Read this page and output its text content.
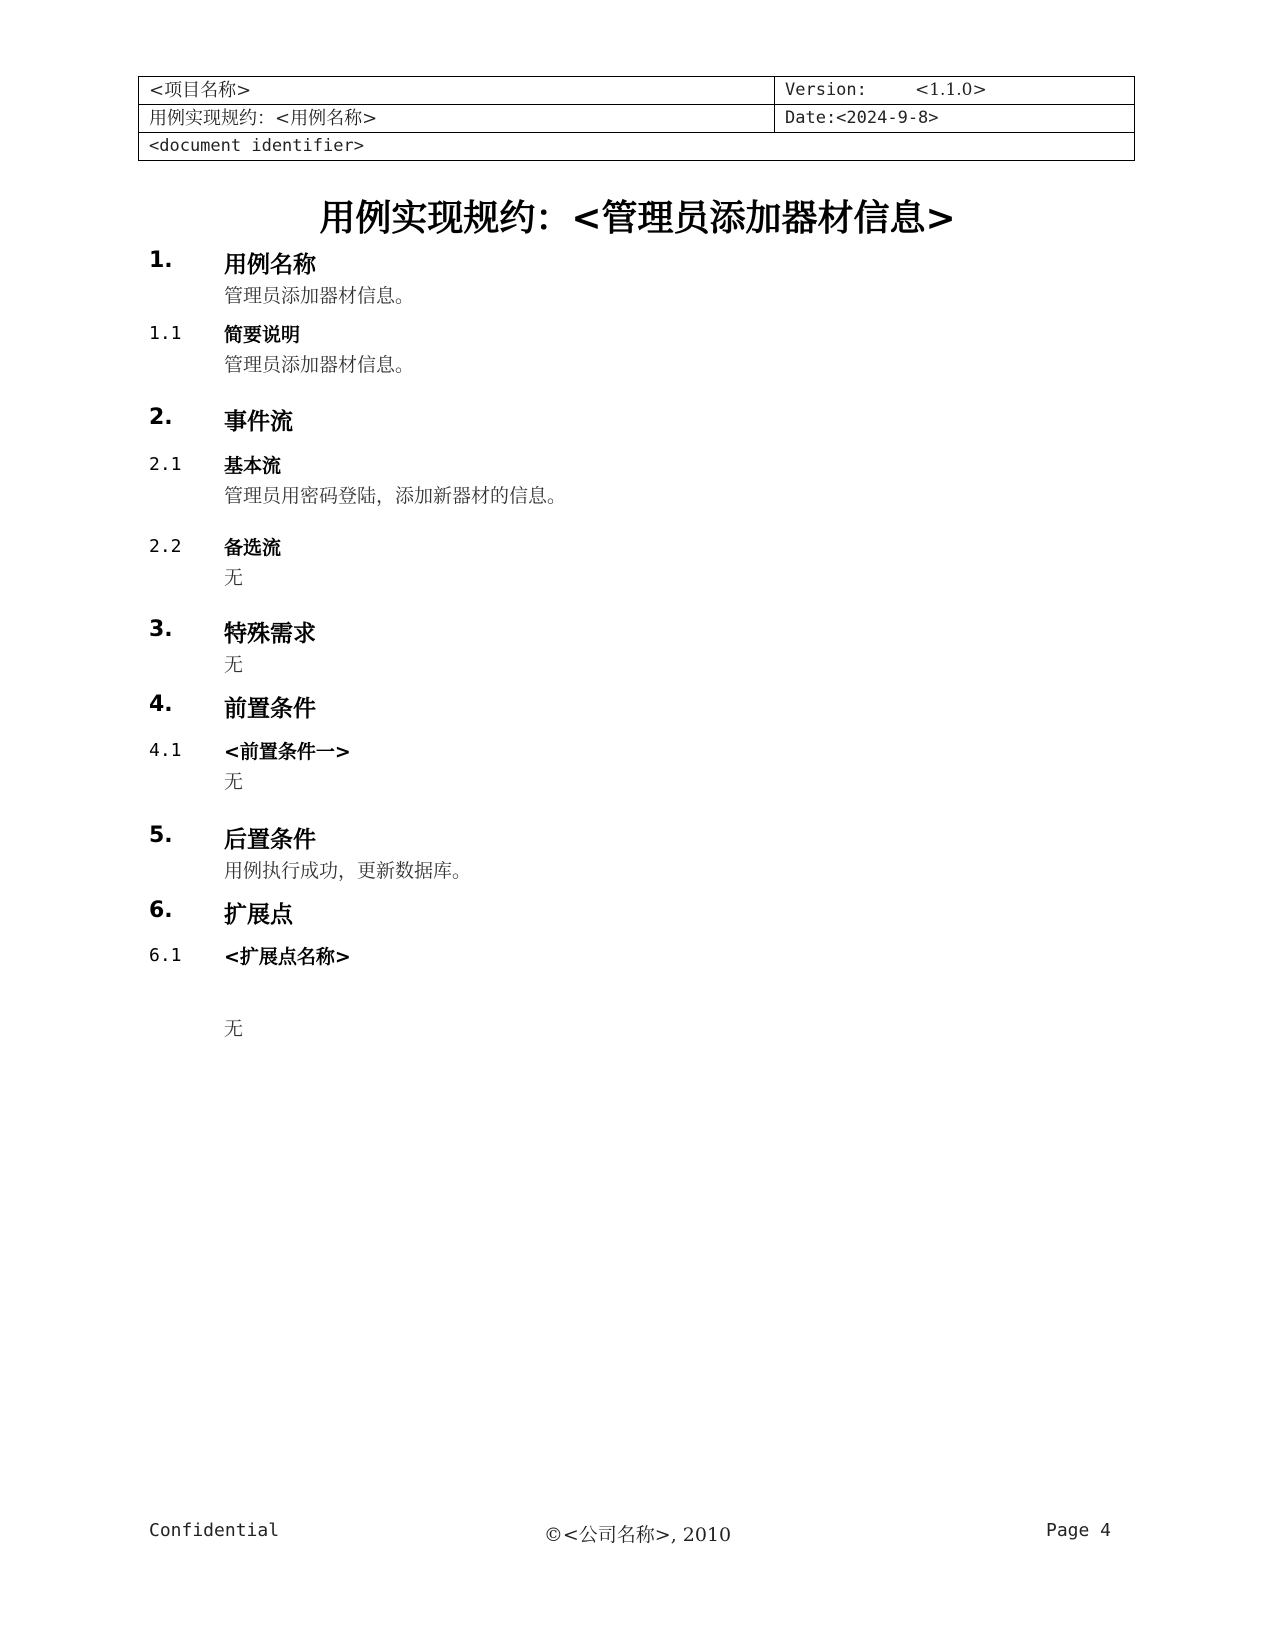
<项目名称>	Version: <1.1.0>
用例实现规约：<用例名称>	Date:<2024-9-8>
<document identifier>	
用例实现规约：<管理员添加器材信息>
1. 用例名称
管理员添加器材信息。
1.1 简要说明
管理员添加器材信息。
2. 事件流
2.1 基本流
管理员用密码登陆，添加新器材的信息。
2.2 备选流
无
3. 特殊需求
无
4. 前置条件
4.1 <前置条件一>
无
5. 后置条件
用例执行成功，更新数据库。
6. 扩展点
6.1 <扩展点名称>
无
Confidential	©<公司名称>, 2010	Page 4
